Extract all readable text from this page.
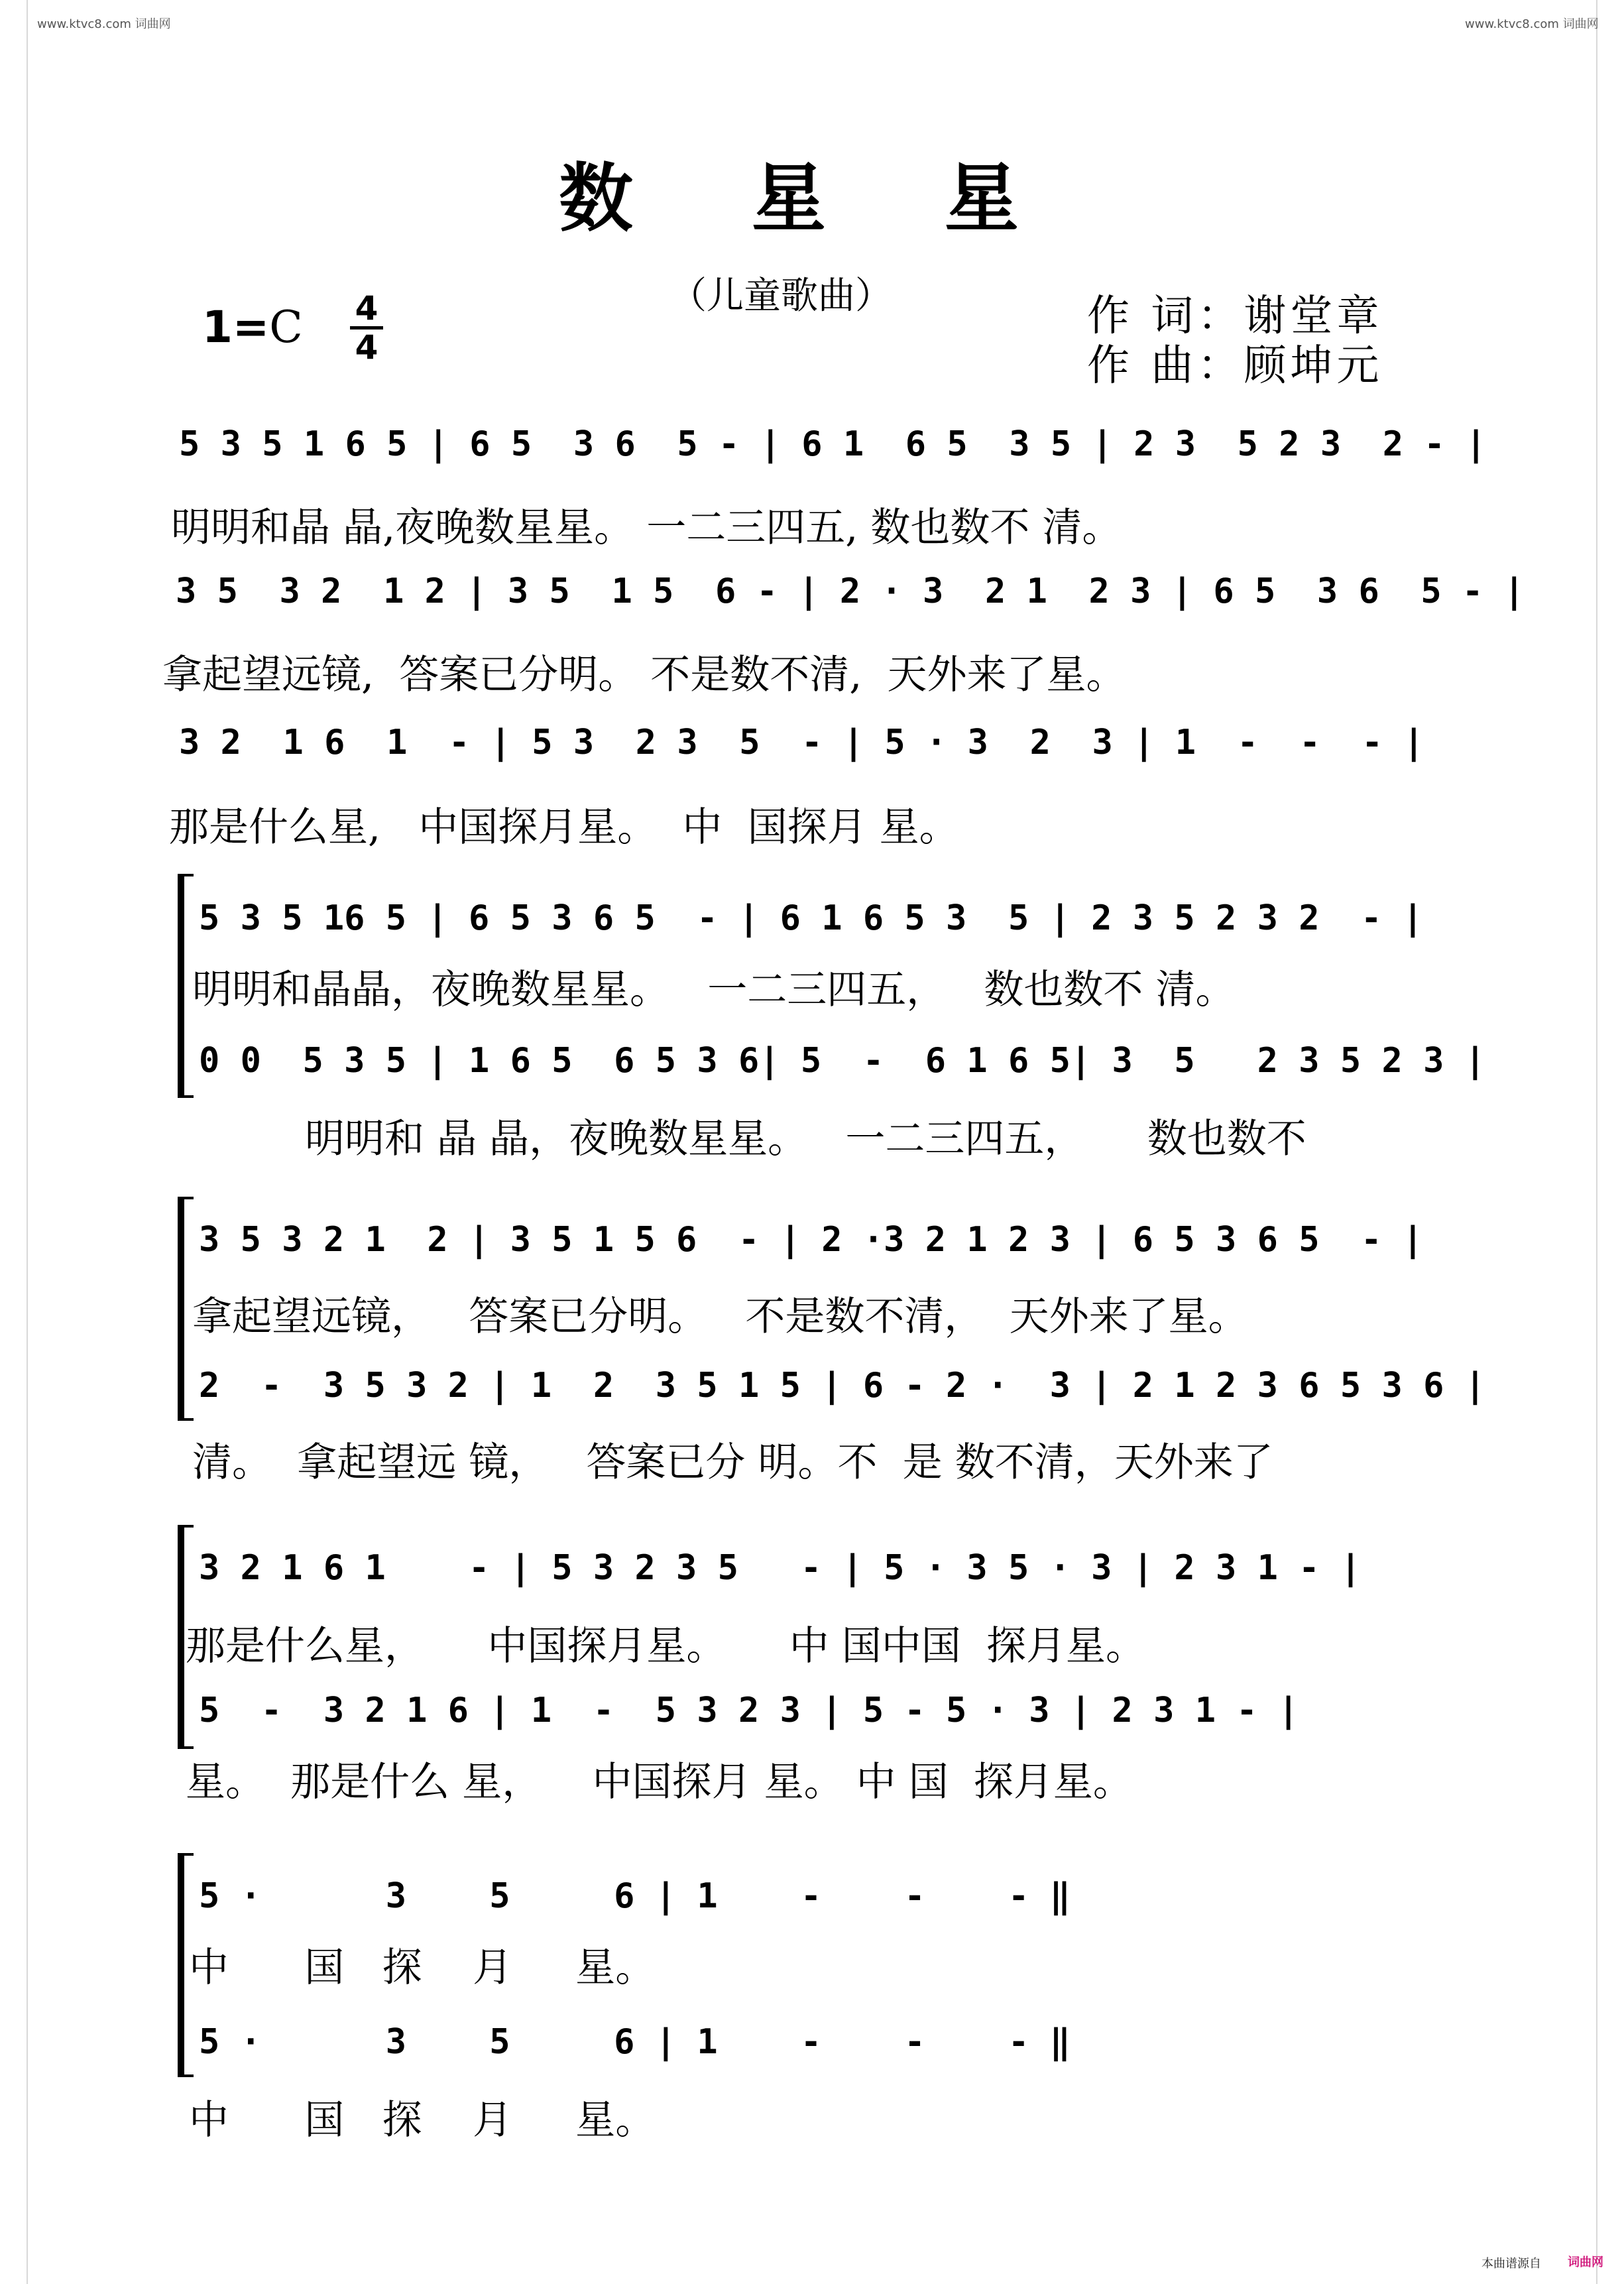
www.ktvc8.com 词曲网	www.ktvc8.com 词曲网
数 星 星
（儿童歌曲）
1=C 4
4
作 词：谢堂章
作 曲：顾坤元
5 3 5 1 6 5 | 6 5  3 6  5 - | 6 1  6 5  3 5 | 2 3  5 2 3  2 - |
明明和晶 晶,夜晚数星星。 一二三四五, 数也数不 清。
3 5  3 2  1 2 | 3 5  1 5  6 - | 2 · 3  2 1  2 3 | 6 5  3 6  5 - |
拿起望远镜,  答案已分明。 不是数不清,  天外来了星。
3 2  1 6  1  - | 5 3  2 3  5  - | 5 · 3  2  3 | 1  -  -  - |
那是什么星,   中国探月星。  中  国探月 星。
5 3 5 16 5 | 6 5 3 6 5  - | 6 1 6 5 3  5 | 2 3 5 2 3 2  - |
明明和晶晶，夜晚数星星。   一二三四五，   数也数不 清。
0 0  5 3 5 | 1 6 5  6 5 3 6| 5  -  6 1 6 5| 3  5   2 3 5 2 3 |
明明和 晶 晶，夜晚数星星。   一二三四五，     数也数不
3 5 3 2 1  2 | 3 5 1 5 6  - | 2 ·3 2 1 2 3 | 6 5 3 6 5  - |
拿起望远镜，   答案已分明。   不是数不清，  天外来了星。
2  -  3 5 3 2 | 1  2  3 5 1 5 | 6 - 2 ·  3 | 2 1 2 3 6 5 3 6 |
清。  拿起望远 镜，   答案已分 明。不  是 数不清，天外来了
3 2 1 6 1    - | 5 3 2 3 5   - | 5 · 3 5 · 3 | 2 3 1 - |
那是什么星，     中国探月星。     中 国中国  探月星。
5  -  3 2 1 6 | 1  -  5 3 2 3 | 5 - 5 · 3 | 2 3 1 - |
星。  那是什么 星，    中国探月 星。 中 国  探月星。
5 ·      3    5     6 | 1    -    -    - ‖
中      国   探    月     星。
5 ·      3    5     6 | 1    -    -    - ‖
中      国   探    月     星。
本曲谱源自 词曲网
